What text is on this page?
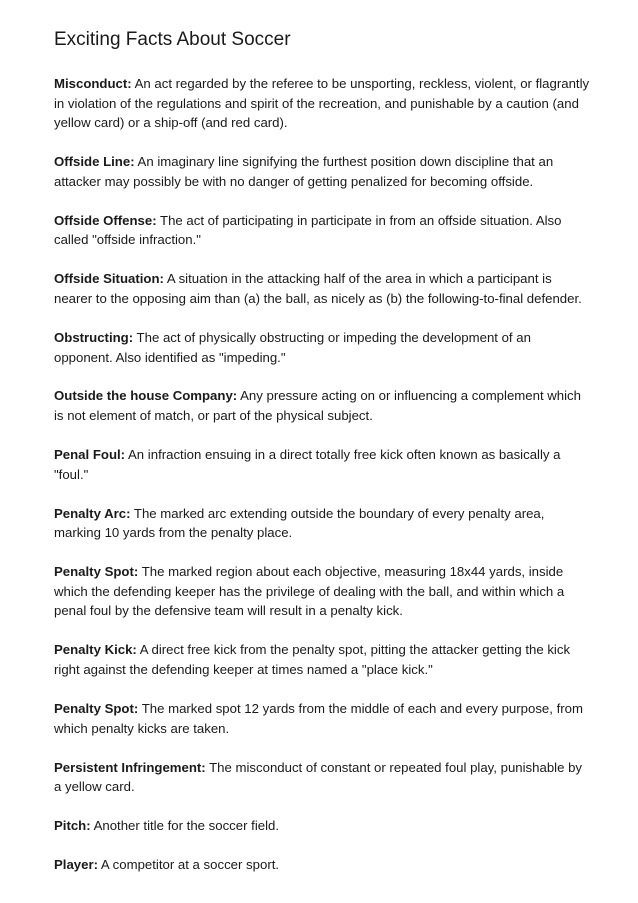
Exciting Facts About Soccer

Misconduct: An act regarded by the referee to be unsporting, reckless, violent, or flagrantly in violation of the regulations and spirit of the recreation, and punishable by a caution (and yellow card) or a ship-off (and red card).

Offside Line: An imaginary line signifying the furthest position down discipline that an attacker may possibly be with no danger of getting penalized for becoming offside.

Offside Offense: The act of participating in participate in from an offside situation. Also called "offside infraction."

Offside Situation: A situation in the attacking half of the area in which a participant is nearer to the opposing aim than (a) the ball, as nicely as (b) the following-to-final defender.

Obstructing: The act of physically obstructing or impeding the development of an opponent. Also identified as "impeding."

Outside the house Company: Any pressure acting on or influencing a complement which is not element of match, or part of the physical subject.

Penal Foul: An infraction ensuing in a direct totally free kick often known as basically a "foul."

Penalty Arc: The marked arc extending outside the boundary of every penalty area, marking 10 yards from the penalty place.

Penalty Spot: The marked region about each objective, measuring 18x44 yards, inside which the defending keeper has the privilege of dealing with the ball, and within which a penal foul by the defensive team will result in a penalty kick.

Penalty Kick: A direct free kick from the penalty spot, pitting the attacker getting the kick right against the defending keeper at times named a "place kick."

Penalty Spot: The marked spot 12 yards from the middle of each and every purpose, from which penalty kicks are taken.

Persistent Infringement: The misconduct of constant or repeated foul play, punishable by a yellow card.

Pitch: Another title for the soccer field.

Player: A competitor at a soccer sport.
